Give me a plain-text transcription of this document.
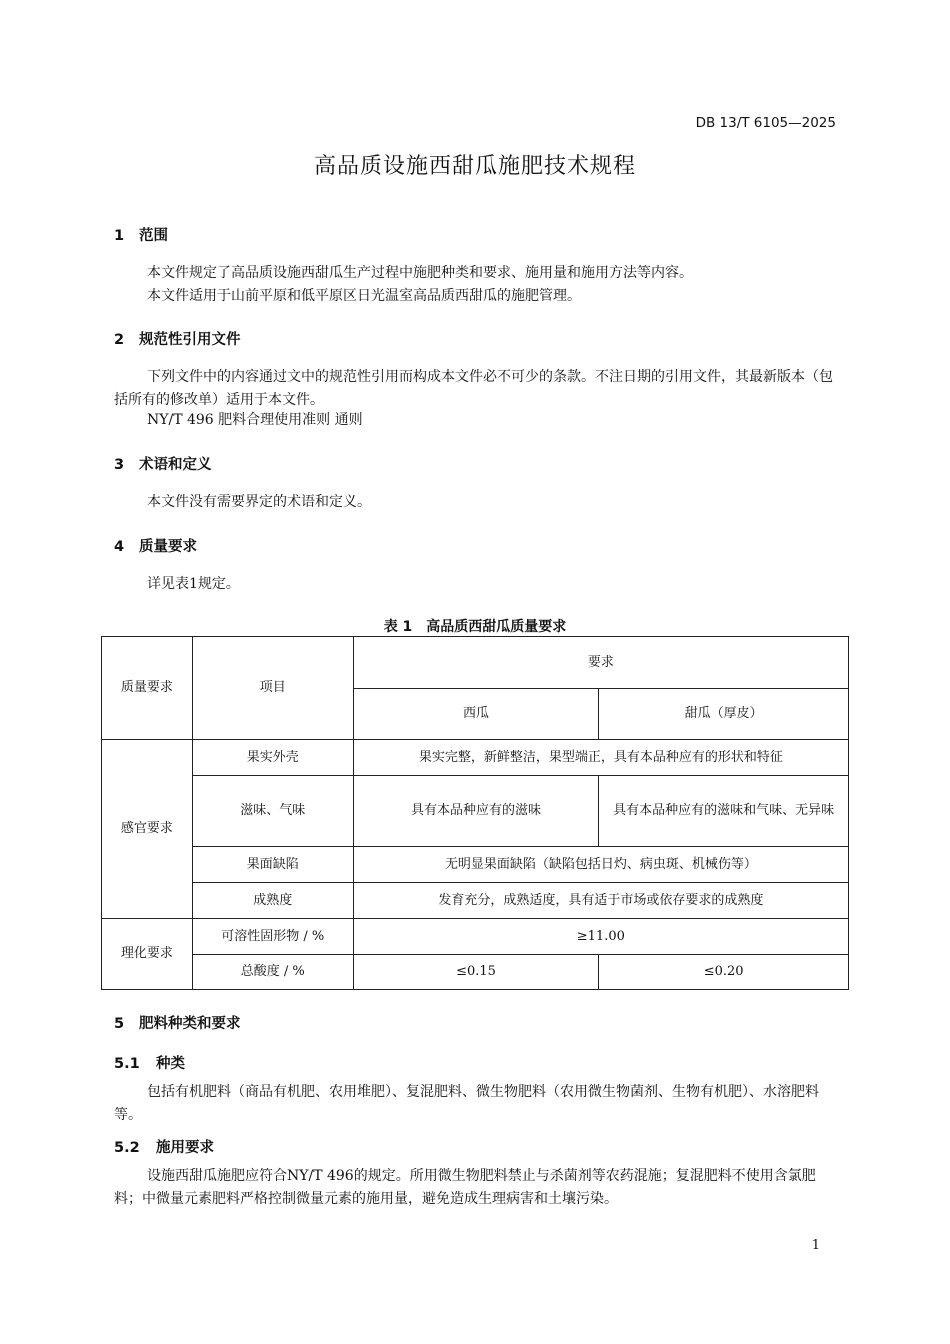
DB 13/T 6105—2025
高品质设施西甜瓜施肥技术规程
1 范围
本文件规定了高品质设施西甜瓜生产过程中施肥种类和要求、施用量和施用方法等内容。
本文件适用于山前平原和低平原区日光温室高品质西甜瓜的施肥管理。
2 规范性引用文件
下列文件中的内容通过文中的规范性引用而构成本文件必不可少的条款。不注日期的引用文件，其最新版本（包括所有的修改单）适用于本文件。
NY/T 496 肥料合理使用准则 通则
3 术语和定义
本文件没有需要界定的术语和定义。
4 质量要求
详见表1规定。
表 1　高品质西甜瓜质量要求
质量要求	项目	要求	
		西瓜	甜瓜（厚皮）
感官要求	果实外壳	果实完整，新鲜整洁，果型端正，具有本品种应有的形状和特征	
	滋味、气味	具有本品种应有的滋味	具有本品种应有的滋味和气味、无异味
	果面缺陷	无明显果面缺陷（缺陷包括日灼、病虫斑、机械伤等）	
	成熟度	发育充分，成熟适度，具有适于市场或依存要求的成熟度	
理化要求	可溶性固形物 / %	≥11.00	
	总酸度 / %	≤0.15	≤0.20
5 肥料种类和要求
5.1 种类
包括有机肥料（商品有机肥、农用堆肥）、复混肥料、微生物肥料（农用微生物菌剂、生物有机肥）、水溶肥料等。
5.2 施用要求
设施西甜瓜施肥应符合NY/T 496的规定。所用微生物肥料禁止与杀菌剂等农药混施；复混肥料不使用含氯肥料；中微量元素肥料严格控制微量元素的施用量，避免造成生理病害和土壤污染。
1
